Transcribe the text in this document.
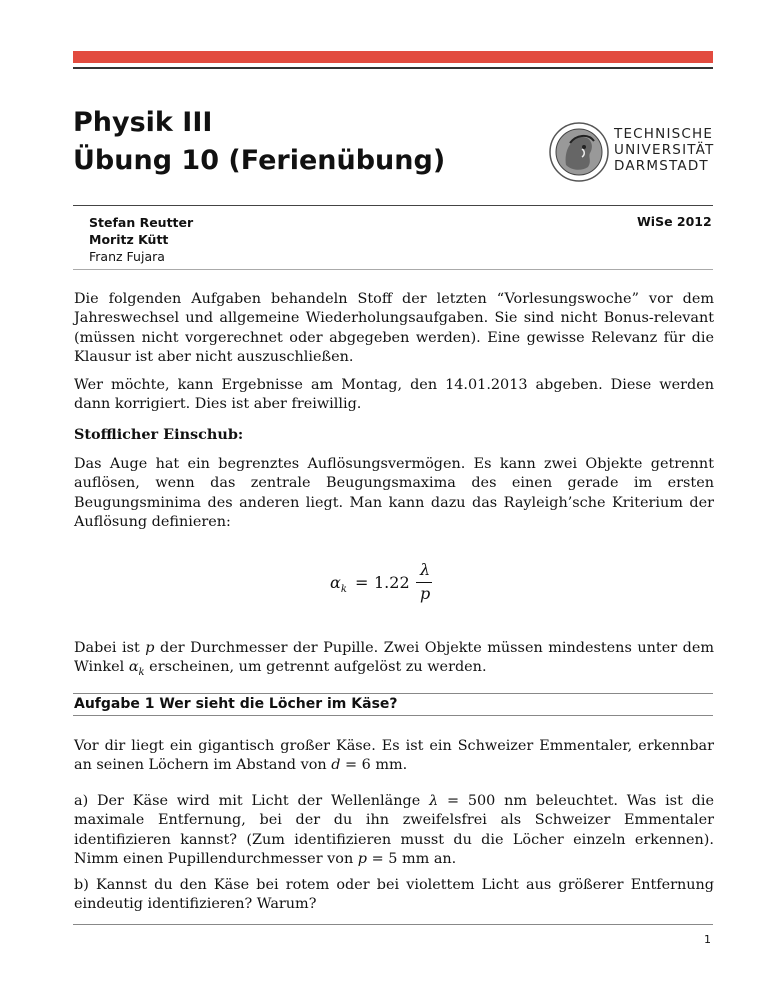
Physik III
Übung 10 (Ferienübung)
TECHNISCHE
UNIVERSITÄT
DARMSTADT
Stefan Reutter
Moritz Kütt
Franz Fujara
WiSe 2012

Die folgenden Aufgaben behandeln Stoff der letzten “Vorlesungswoche” vor dem Jahreswechsel und allgemeine Wiederholungsaufgaben. Sie sind nicht Bonus-relevant (müssen nicht vorgerechnet oder abgegeben werden). Eine gewisse Relevanz für die Klausur ist aber nicht auszuschließen.

Wer möchte, kann Ergebnisse am Montag, den 14.01.2013 abgeben. Diese werden dann korrigiert. Dies ist aber freiwillig.

Stofflicher Einschub:

Das Auge hat ein begrenztes Auflösungsvermögen. Es kann zwei Objekte getrennt auflösen, wenn das zentrale Beugungsmaxima des einen gerade im ersten Beugungsminima des anderen liegt. Man kann dazu das Rayleigh’sche Kriterium der Auflösung definieren:

$\alpha_k = 1.22$
λ
p

Dabei ist p der Durchmesser der Pupille. Zwei Objekte müssen mindestens unter dem Winkel $\alpha_k$ erscheinen, um getrennt aufgelöst zu werden.

Aufgabe 1 Wer sieht die Löcher im Käse?

Vor dir liegt ein gigantisch großer Käse. Es ist ein Schweizer Emmentaler, erkennbar an seinen Löchern im Abstand von d = 6 mm.

a) Der Käse wird mit Licht der Wellenlänge λ = 500 nm beleuchtet. Was ist die maximale Entfernung, bei der du ihn zweifelsfrei als Schweizer Emmentaler identifizieren kannst? (Zum identifizieren musst du die Löcher einzeln erkennen). Nimm einen Pupillendurchmesser von p = 5 mm an.

b) Kannst du den Käse bei rotem oder bei violettem Licht aus größerer Entfernung eindeutig identifizieren? Warum?

1
